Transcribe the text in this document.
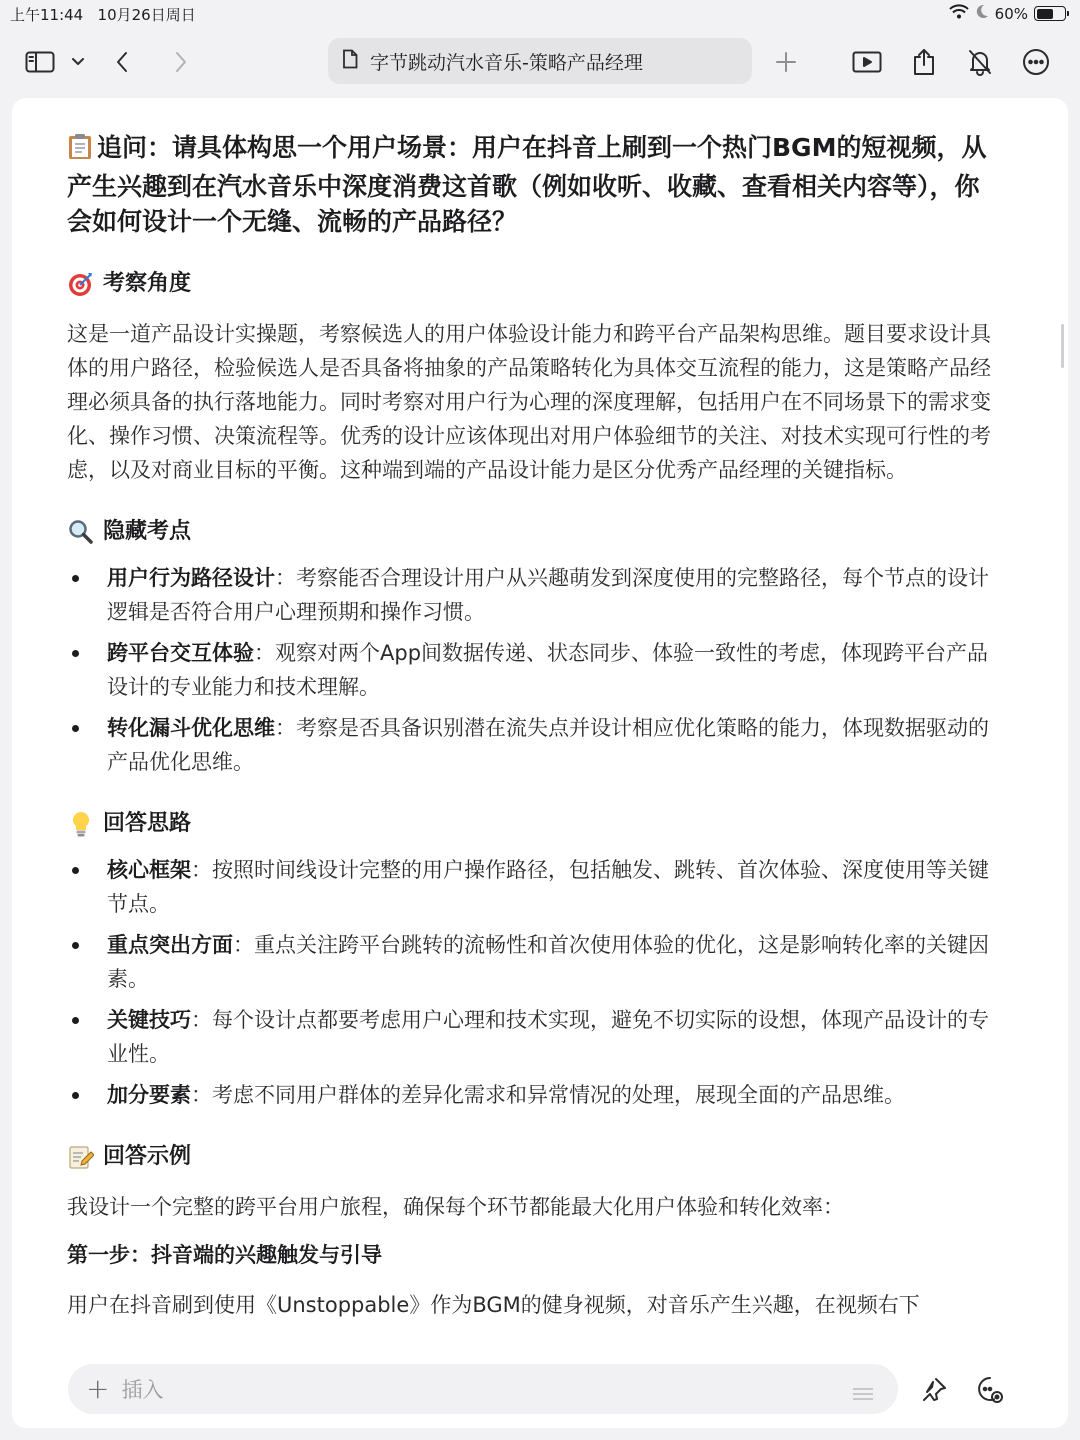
上午11:44 10月26日周日	60%
字节跳动汽水音乐-策略产品经理
追问：请具体构思一个用户场景：用户在抖音上刷到一个热门BGM的短视频，从产生兴趣到在汽水音乐中深度消费这首歌（例如收听、收藏、查看相关内容等），你会如何设计一个无缝、流畅的产品路径？
考察角度

这是一道产品设计实操题，考察候选人的用户体验设计能力和跨平台产品架构思维。题目要求设计具体的用户路径，检验候选人是否具备将抽象的产品策略转化为具体交互流程的能力，这是策略产品经理必须具备的执行落地能力。同时考察对用户行为心理的深度理解，包括用户在不同场景下的需求变化、操作习惯、决策流程等。优秀的设计应该体现出对用户体验细节的关注、对技术实现可行性的考虑，以及对商业目标的平衡。这种端到端的产品设计能力是区分优秀产品经理的关键指标。

隐藏考点
用户行为路径设计：考察能否合理设计用户从兴趣萌发到深度使用的完整路径，每个节点的设计逻辑是否符合用户心理预期和操作习惯。
跨平台交互体验：观察对两个App间数据传递、状态同步、体验一致性的考虑，体现跨平台产品设计的专业能力和技术理解。
转化漏斗优化思维：考察是否具备识别潜在流失点并设计相应优化策略的能力，体现数据驱动的产品优化思维。
回答思路
核心框架：按照时间线设计完整的用户操作路径，包括触发、跳转、首次体验、深度使用等关键节点。
重点突出方面：重点关注跨平台跳转的流畅性和首次使用体验的优化，这是影响转化率的关键因素。
关键技巧：每个设计点都要考虑用户心理和技术实现，避免不切实际的设想，体现产品设计的专业性。
加分要素：考虑不同用户群体的差异化需求和异常情况的处理，展现全面的产品思维。
回答示例

我设计一个完整的跨平台用户旅程，确保每个环节都能最大化用户体验和转化效率：

第一步：抖音端的兴趣触发与引导

用户在抖音刷到使用《Unstoppable》作为BGM的健身视频，对音乐产生兴趣，在视频右下

+ 插入
